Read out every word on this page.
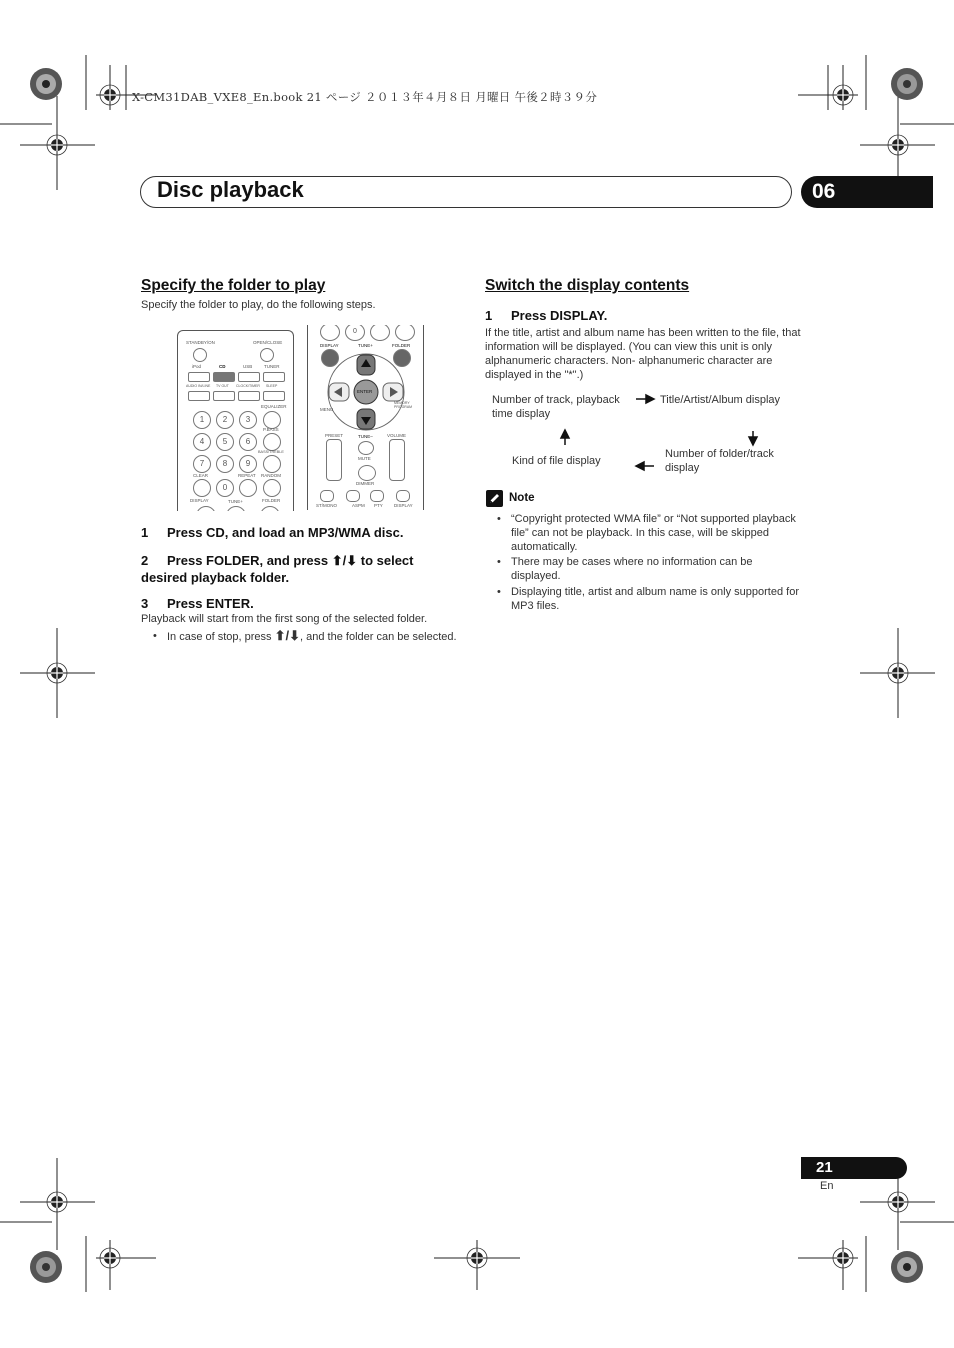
X-CM31DAB_VXE8_En.book 21 ページ ２０１３年４月８日 月曜日 午後２時３９分
Disc playback	06
Specify the folder to play
Specify the folder to play, do the following steps.
STANDBY/ON	OPEN/CLOSE
iPod	CD	USB	TUNER
AUDIO IN/LINE TV OUT CLOCK/TIMER SLEEP
EQUALIZER
1	2	3
P.BASS
4	5	6
BASS/TREBLE
7	8	9
CLEAR	REPEAT RANDOM
0
DISPLAY	TUNE+	FOLDER
0
DISPLAY	TUNE+	FOLDER
ENTER
MENU
MEMORY PROGRAM
PRESET	TUNE–	VOLUME
MUTE
DIMMER
ST/MONO	ASPM PTY DISPLAY
1 Press CD, and load an MP3/WMA disc.
2 Press FOLDER, and press ⬆/⬇ to select desired playback folder.
3 Press ENTER.
Playback will start from the first song of the selected folder.
• In case of stop, press ⬆/⬇, and the folder can be selected.
Switch the display contents
1 Press DISPLAY.
If the title, artist and album name has been written to the file, that information will be displayed. (You can view this unit is only alphanumeric characters. Non- alphanumeric character are displayed in the "*".)
Number of track, playback time display
Title/Artist/Album display
Kind of file display
Number of folder/track display
Note
• “Copyright protected WMA file” or “Not supported playback file” can not be playback. In this case, will be skipped automatically.
• There may be cases where no information can be displayed.
• Displaying title, artist and album name is only supported for MP3 files.
21
En
